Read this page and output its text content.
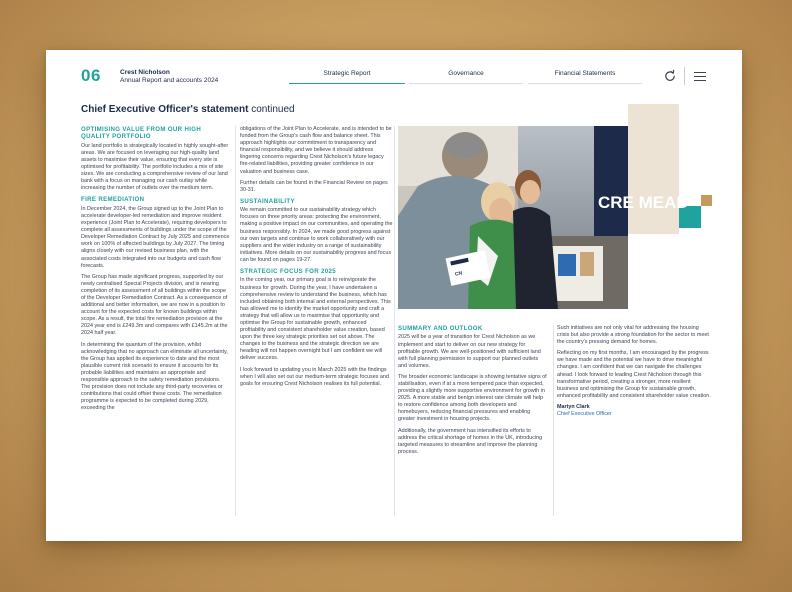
06	Crest Nicholson
Annual Report and accounts 2024
Strategic Report	Governance	Financial Statements
Chief Executive Officer's statement continued
OPTIMISING VALUE FROM OUR HIGH QUALITY PORTFOLIO

Our land portfolio is strategically located in highly sought-after areas. We are focused on leveraging our high-quality land assets to maximise their value, ensuring that every site is optimised for profitability. The portfolio includes a mix of site sizes. We are conducting a comprehensive review of our land bank with a focus on managing our cash outlay while increasing the number of outlets over the medium term.

FIRE REMEDIATION

In December 2024, the Group signed up to the Joint Plan to accelerate developer-led remediation and improve resident experience (Joint Plan to Accelerate), requiring developers to complete all assessments of buildings under the scope of the Developer Remediation Contract by July 2025 and commence work on 100% of affected buildings by July 2027. The timing aligns closely with our revised business plan, with the associated costs integrated into our budgets and cash flow forecasts.

The Group has made significant progress, supported by our newly centralised Special Projects division, and is nearing completion of its assessment of all buildings within the scope of the Developer Remediation Contract. As a consequence of additional and better information, we are now in a position to account for the expected costs for known buildings within scope. As a result, the total fire remediation provision at the 2024 year end is £249.3m and compares with £145.2m at the 2024 half year.

In determining the quantum of the provision, whilst acknowledging that no approach can eliminate all uncertainty, the Group has applied its experience to date and the most plausible current risk scenario to ensure it accounts for its probable liabilities and maintains an appropriate and responsible approach to the safety remediation provisions. The provision does not include any third-party recoveries or contributions that could offset these costs. The remediation programme is expected to be completed during 2029, exceeding the

obligations of the Joint Plan to Accelerate, and is intended to be funded from the Group's cash flow and balance sheet. This approach highlights our commitment to transparency and financial responsibility, and we believe it should address lingering concerns regarding Crest Nicholson's future legacy fire-related liabilities, providing greater confidence in our valuation and business case.

Further details can be found in the Financial Review on pages 30-31.

SUSTAINABILITY

We remain committed to our sustainability strategy which focuses on three priority areas: protecting the environment, making a positive impact on our communities, and operating the business responsibly. In 2024, we made good progress against our own targets and continue to work collaboratively with our suppliers and the wider industry on a range of sustainability initiatives. More details on our sustainability progress and focus can be found on pages 19-27.

STRATEGIC FOCUS FOR 2025

In the coming year, our primary goal is to reinvigorate the business for growth. During the year, I have undertaken a comprehensive review to understand the business, which has included obtaining both internal and external perspectives. This has allowed me to identify the market opportunity and craft a strategy that will allow us to maximise that opportunity and optimise the Group for sustainable growth, enhanced profitability and consistent shareholder value creation, based upon the three key strategic priorities set out above. The changes to the business and the strategic direction we are heading will not happen overnight but I am confident we will deliver success.

I look forward to updating you in March 2025 with the findings when I will also set out our medium-term strategic focuses and goals for ensuring Crest Nicholson realises its full potential.

CRE MEAD
CN
SUMMARY AND OUTLOOK

2025 will be a year of transition for Crest Nicholson as we implement and start to deliver on our new strategy for profitable growth. We are well-positioned with sufficient land with full planning permission to support our planned outlets and volumes.

The broader economic landscape is showing tentative signs of stabilisation, even if at a more tempered pace than expected, providing a slightly more supportive environment for growth in 2025. A more stable and benign interest rate climate will help to restore confidence among both developers and homebuyers, reducing financial pressures and enabling greater investment in housing projects.

Additionally, the government has intensified its efforts to address the critical shortage of homes in the UK, introducing targeted measures to streamline and improve the planning process.

Such initiatives are not only vital for addressing the housing crisis but also provide a strong foundation for the sector to meet the country's pressing demand for homes.

Reflecting on my first months, I am encouraged by the progress we have made and the potential we have to drive meaningful changes. I am confident that we can navigate the challenges ahead. I look forward to leading Crest Nicholson through this transformative period, creating a stronger, more resilient business and optimising the Group for sustainable growth, enhanced profitability and consistent shareholder value creation.

Martyn Clark
Chief Executive Officer
